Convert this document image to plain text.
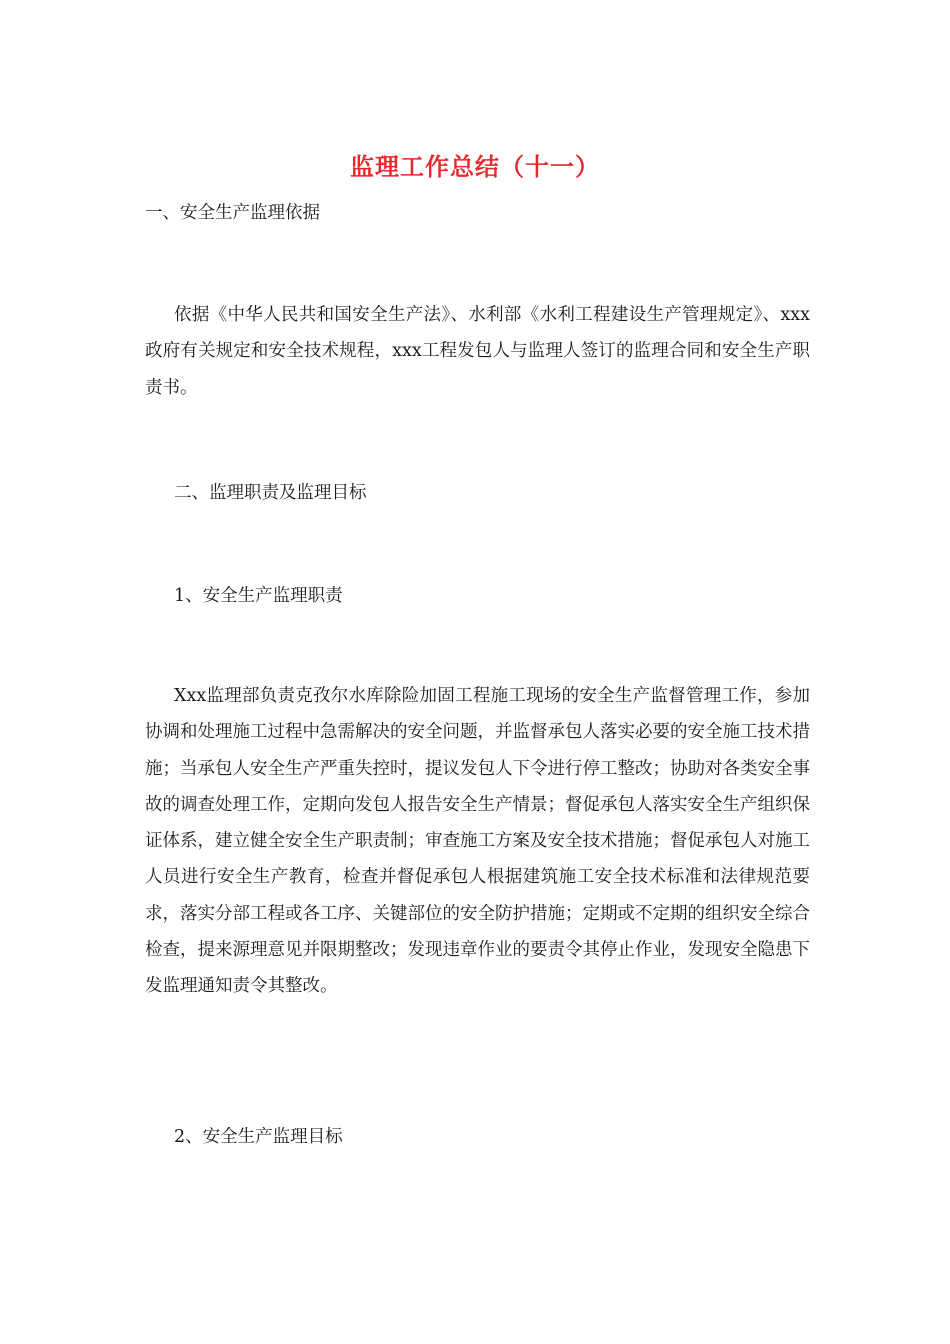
监理工作总结（十一）
一、安全生产监理依据
依据《中华人民共和国安全生产法》、水利部《水利工程建设生产管理规定》、xxx政府有关规定和安全技术规程，xxx工程发包人与监理人签订的监理合同和安全生产职责书。
二、监理职责及监理目标
1、安全生产监理职责
Xxx监理部负责克孜尔水库除险加固工程施工现场的安全生产监督管理工作，参加协调和处理施工过程中急需解决的安全问题，并监督承包人落实必要的安全施工技术措施；当承包人安全生产严重失控时，提议发包人下令进行停工整改；协助对各类安全事故的调查处理工作，定期向发包人报告安全生产情景；督促承包人落实安全生产组织保证体系，建立健全安全生产职责制；审查施工方案及安全技术措施；督促承包人对施工人员进行安全生产教育，检查并督促承包人根据建筑施工安全技术标准和法律规范要求，落实分部工程或各工序、关键部位的安全防护措施；定期或不定期的组织安全综合检查，提来源理意见并限期整改；发现违章作业的要责令其停止作业，发现安全隐患下发监理通知责令其整改。
2、安全生产监理目标
